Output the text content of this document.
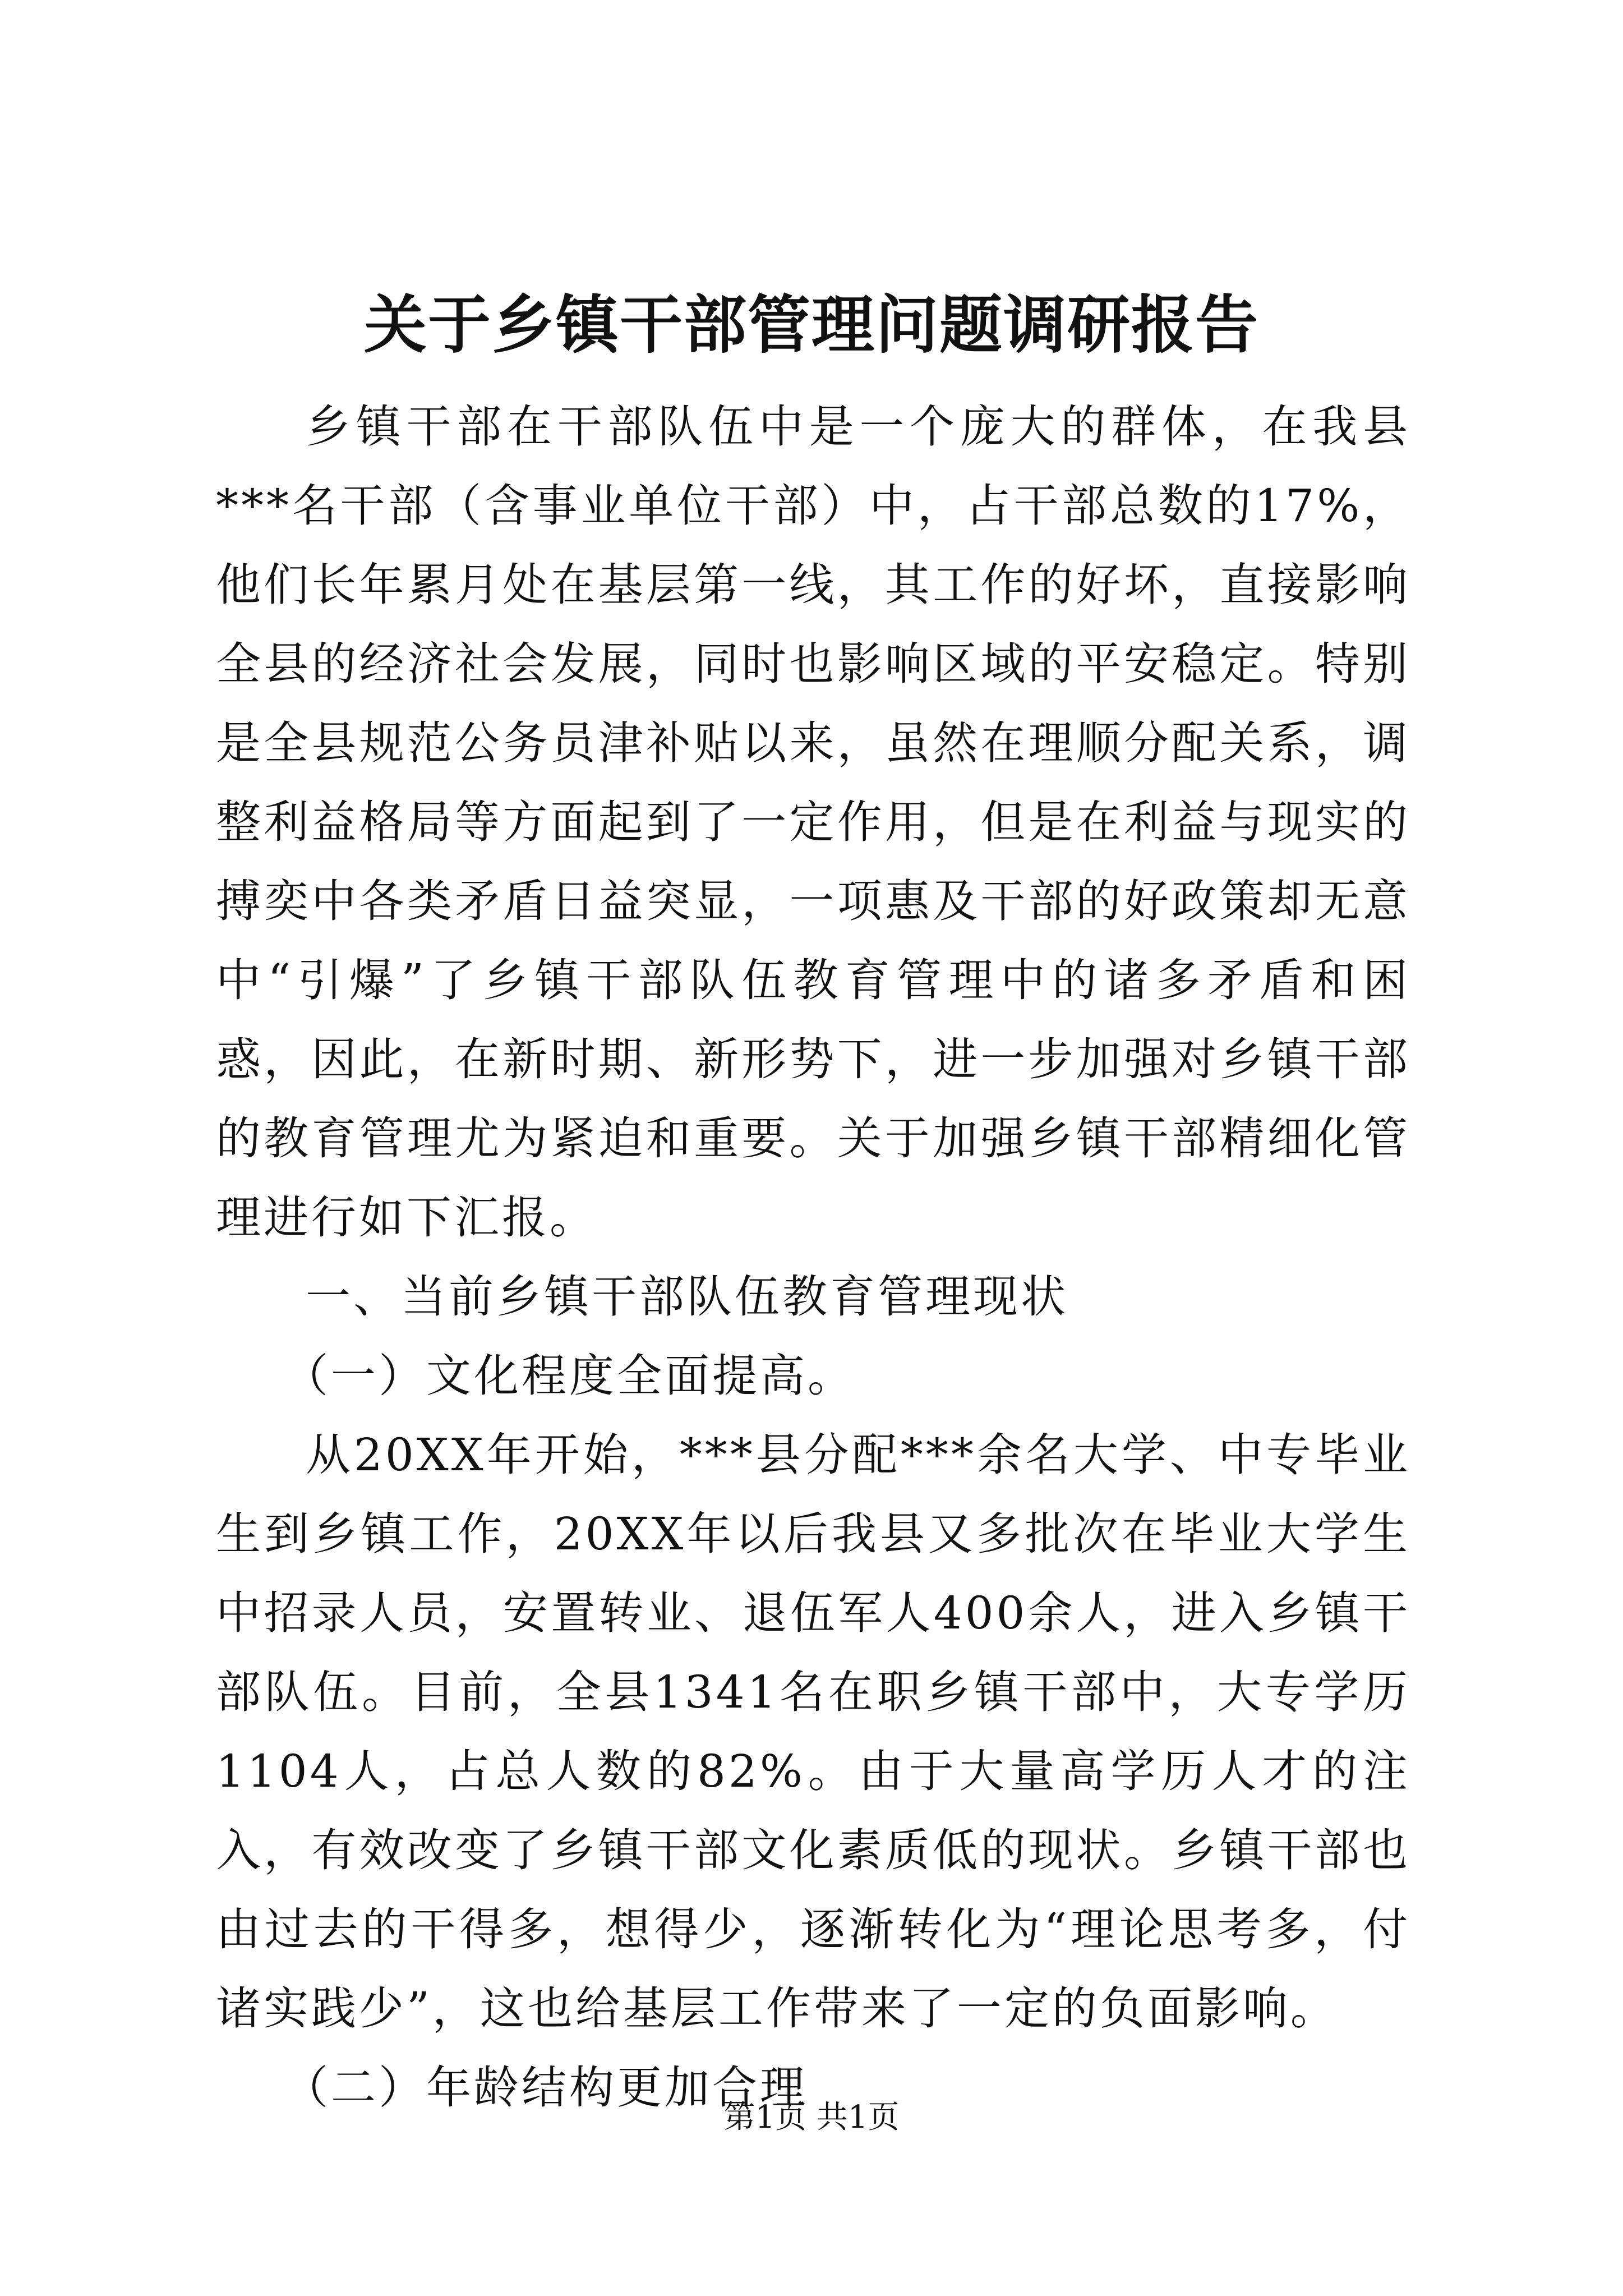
关于乡镇干部管理问题调研报告

乡镇干部在干部队伍中是一个庞大的群体，在我县***名干部（含事业单位干部）中，占干部总数的17%，他们长年累月处在基层第一线，其工作的好坏，直接影响全县的经济社会发展，同时也影响区域的平安稳定。特别是全县规范公务员津补贴以来，虽然在理顺分配关系，调整利益格局等方面起到了一定作用，但是在利益与现实的搏奕中各类矛盾日益突显，一项惠及干部的好政策却无意中“引爆”了乡镇干部队伍教育管理中的诸多矛盾和困惑，因此，在新时期、新形势下，进一步加强对乡镇干部的教育管理尤为紧迫和重要。关于加强乡镇干部精细化管理进行如下汇报。

一、当前乡镇干部队伍教育管理现状

（一）文化程度全面提高。

从20XX年开始，***县分配***余名大学、中专毕业生到乡镇工作，20XX年以后我县又多批次在毕业大学生中招录人员，安置转业、退伍军人400余人，进入乡镇干部队伍。目前，全县1341名在职乡镇干部中，大专学历1104人，占总人数的82%。由于大量高学历人才的注入，有效改变了乡镇干部文化素质低的现状。乡镇干部也由过去的干得多，想得少，逐渐转化为“理论思考多，付诸实践少”，这也给基层工作带来了一定的负面影响。

（二）年龄结构更加合理

第1页 共1页
